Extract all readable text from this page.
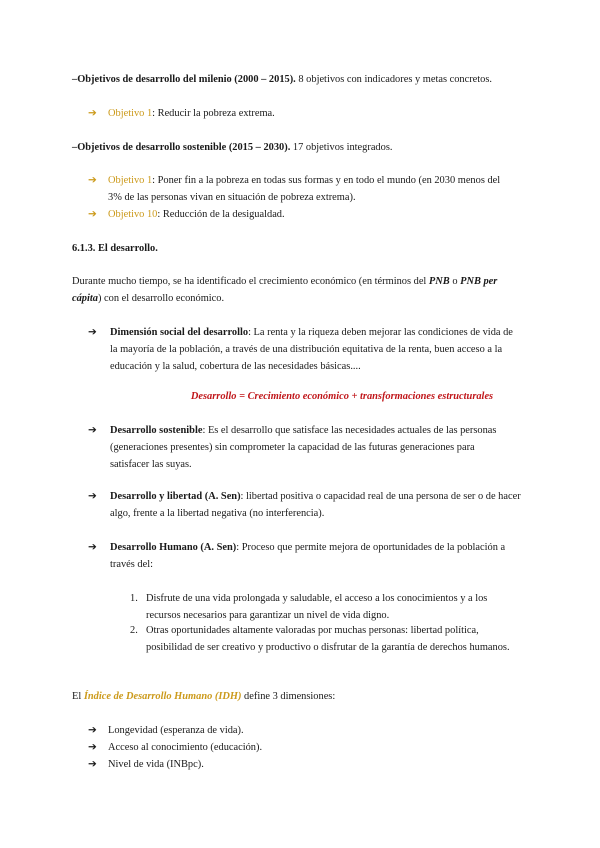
–Objetivos de desarrollo del milenio (2000 – 2015). 8 objetivos con indicadores y metas concretos.
➔	Objetivo 1: Reducir la pobreza extrema.
–Objetivos de desarrollo sostenible (2015 – 2030). 17 objetivos integrados.
➔	Objetivo 1: Poner fin a la pobreza en todas sus formas y en todo el mundo (en 2030 menos del 3% de las personas vivan en situación de pobreza extrema).
➔	Objetivo 10: Reducción de la desigualdad.
6.1.3. El desarrollo.
Durante mucho tiempo, se ha identificado el crecimiento económico (en términos del PNB o PNB per cápita) con el desarrollo económico.
➔	Dimensión social del desarrollo: La renta y la riqueza deben mejorar las condiciones de vida de la mayoría de la población, a través de una distribución equitativa de la renta, buen acceso a la educación y la salud, cobertura de las necesidades básicas....
Desarrollo = Crecimiento económico + transformaciones estructurales
➔	Desarrollo sostenible: Es el desarrollo que satisface las necesidades actuales de las personas (generaciones presentes) sin comprometer la capacidad de las futuras generaciones para satisfacer las suyas.
➔	Desarrollo y libertad (A. Sen): libertad positiva o capacidad real de una persona de ser o de hacer algo, frente a la libertad negativa (no interferencia).
➔	Desarrollo Humano (A. Sen): Proceso que permite mejora de oportunidades de la población a través del:
1. Disfrute de una vida prolongada y saludable, el acceso a los conocimientos y a los recursos necesarios para garantizar un nivel de vida digno.
2. Otras oportunidades altamente valoradas por muchas personas: libertad política, posibilidad de ser creativo y productivo o disfrutar de la garantía de derechos humanos.
El Índice de Desarrollo Humano (IDH) define 3 dimensiones:
➔	Longevidad (esperanza de vida).
➔	Acceso al conocimiento (educación).
➔	Nivel de vida (INBpc).
